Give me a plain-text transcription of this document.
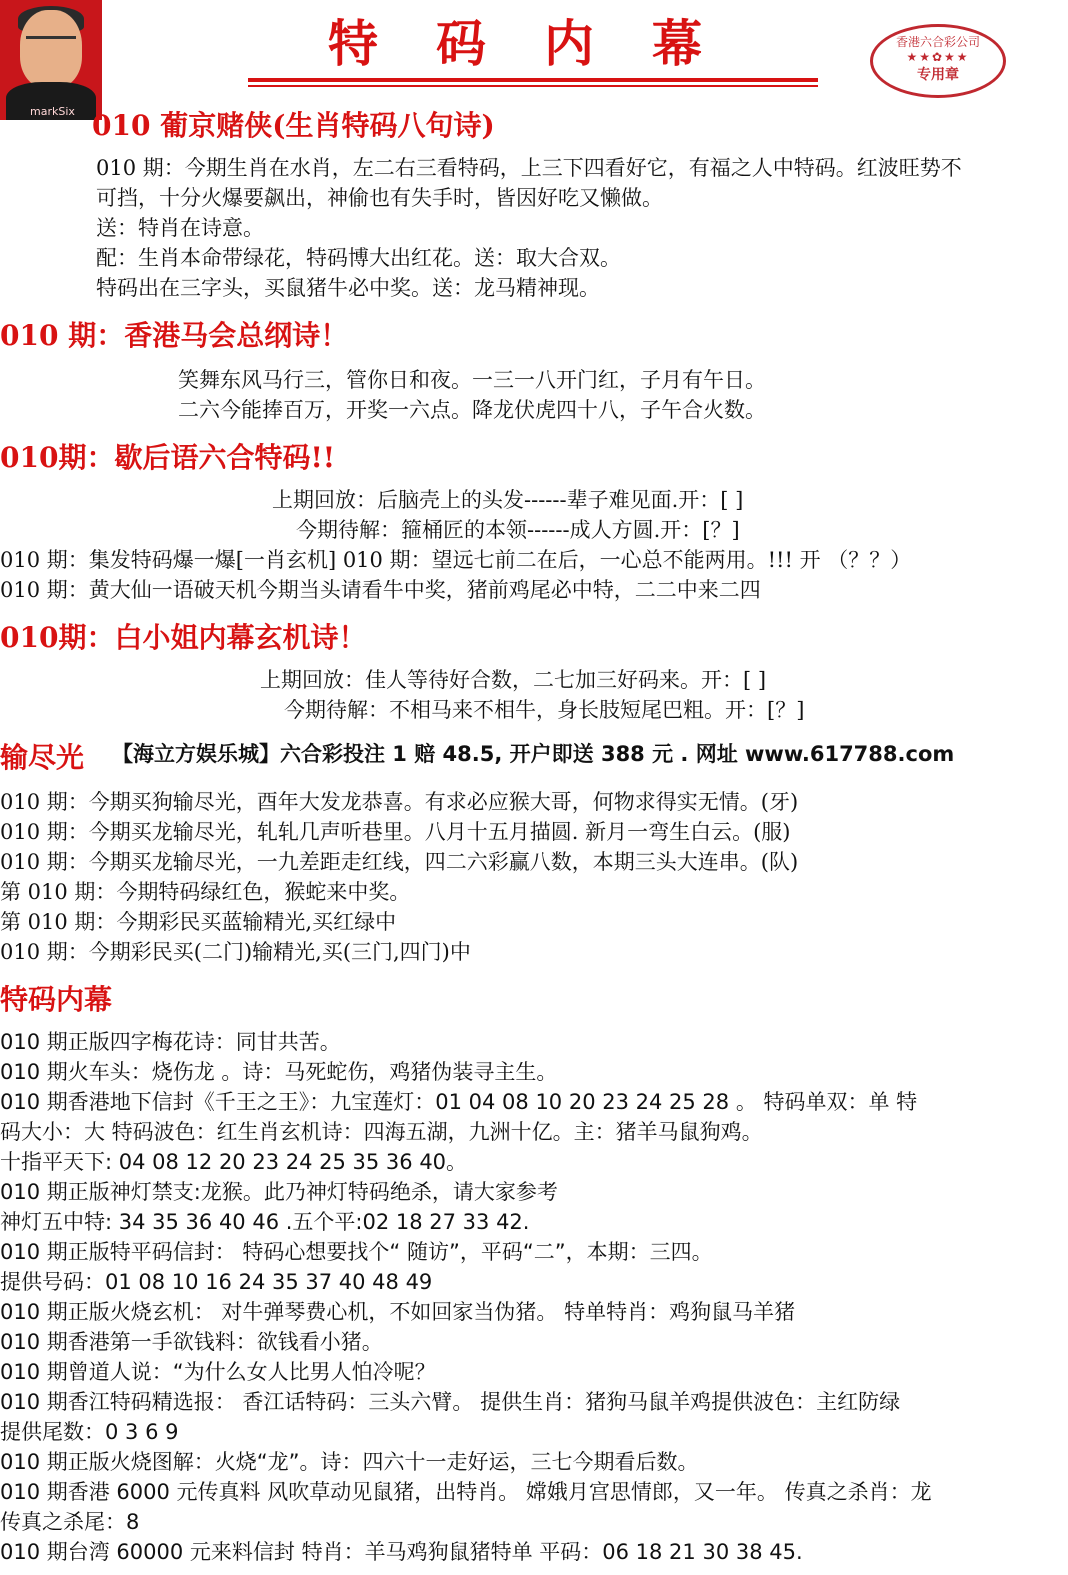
markSix
特码内幕	香港六合彩公司
★★✿★★
专用章
010 葡京赌侠(生肖特码八句诗)
010 期：今期生肖在水肖，左二右三看特码，上三下四看好它，有福之人中特码。红波旺势不
可挡，十分火爆要飙出，神偷也有失手时，皆因好吃又懒做。
送：特肖在诗意。
配：生肖本命带绿花，特码博大出红花。送：取大合双。
特码出在三字头，买鼠猪牛必中奖。送：龙马精神现。
010 期：香港马会总纲诗！
笑舞东风马行三，管你日和夜。一三一八开门红，子月有午日。
二六今能捧百万，开奖一六点。降龙伏虎四十八，子午合火数。
010期：歇后语六合特码!!
上期回放：后脑壳上的头发------辈子难见面.开：[ ]
今期待解：箍桶匠的本领------成人方圆.开：[？]
010 期：集发特码爆一爆[一肖玄机] 010 期：望远七前二在后，一心总不能两用。!!! 开 （？？）
010 期：黄大仙一语破天机今期当头请看牛中奖，猪前鸡尾必中特，二二中来二四
010期：白小姐内幕玄机诗！
上期回放：佳人等待好合数，二七加三好码来。开：[ ]
今期待解：不相马来不相牛，身长肢短尾巴粗。开：[？]
输尽光 【海立方娱乐城】六合彩投注 1 赔 48.5, 开户即送 388 元 . 网址 www.617788.com
010 期：今期买狗输尽光，酉年大发龙恭喜。有求必应猴大哥，何物求得实无情。(牙)
010 期：今期买龙输尽光，轧轧几声听巷里。八月十五月描圆. 新月一弯生白云。(服)
010 期：今期买龙输尽光，一九差距走红线，四二六彩赢八数，本期三头大连串。(队)
第 010 期：今期特码绿红色，猴蛇来中奖。
第 010 期：今期彩民买蓝输精光,买红绿中
010 期：今期彩民买(二门)输精光,买(三门,四门)中
特码内幕
010 期正版四字梅花诗：同甘共苦。
010 期火车头：烧伤龙 。诗：马死蛇伤，鸡猪伪装寻主生。
010 期香港地下信封《千王之王》：九宝莲灯：01 04 08 10 20 23 24 25 28 。 特码单双：单 特
码大小：大 特码波色：红生肖玄机诗：四海五湖，九洲十亿。主：猪羊马鼠狗鸡。
十指平天下: 04 08 12 20 23 24 25 35 36 40。
010 期正版神灯禁支:龙猴。此乃神灯特码绝杀，请大家参考
神灯五中特: 34 35 36 40 46 .五个平:02 18 27 33 42.
010 期正版特平码信封： 特码心想要找个“ 随访”，平码“二”，本期：三四。
提供号码：01 08 10 16 24 35 37 40 48 49
010 期正版火烧玄机： 对牛弹琴费心机，不如回家当伪猪。 特单特肖：鸡狗鼠马羊猪
010 期香港第一手欲钱料：欲钱看小猪。
010 期曾道人说：“为什么女人比男人怕冷呢？
010 期香江特码精选报： 香江话特码：三头六臂。 提供生肖：猪狗马鼠羊鸡提供波色：主红防绿
提供尾数：0 3 6 9
010 期正版火烧图解：火烧“龙”。诗：四六十一走好运，三七今期看后数。
010 期香港 6000 元传真料 风吹草动见鼠猪，出特肖。 嫦娥月宫思情郎，又一年。 传真之杀肖：龙
传真之杀尾：8
010 期台湾 60000 元来料信封 特肖：羊马鸡狗鼠猪特单 平码：06 18 21 30 38 45.
